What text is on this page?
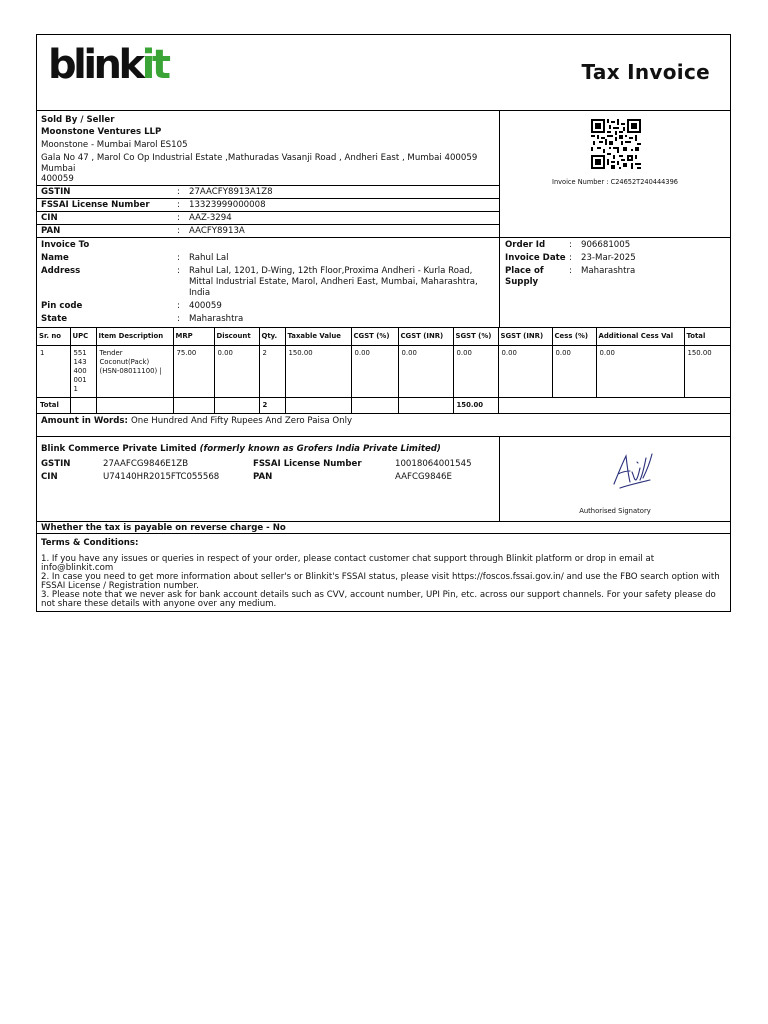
blinkit	Tax Invoice
Sold By / Seller
Moonstone Ventures LLP
Moonstone - Mumbai Marol ES105
Gala No 47 , Marol Co Op Industrial Estate ,Mathuradas Vasanji Road , Andheri East , Mumbai 400059
Mumbai
400059
GSTIN	:	27AACFY8913A1Z8
FSSAI License Number	:	13323999000008
CIN	:	AAZ-3294
PAN	:	AACFY8913A
Invoice Number : C24652T240444396
Invoice To
Name	:	Rahul Lal
Address	:	Rahul Lal, 1201, D-Wing, 12th Floor,Proxima Andheri - Kurla Road, Mittal Industrial Estate, Marol, Andheri East, Mumbai, Maharashtra, India
Pin code	:	400059
State	:	Maharashtra
Order Id	:	906681005
Invoice Date :	23-Mar-2025
Place of Supply
:	Maharashtra
Sr. no	UPC	Item Description	MRP	Discount	Qty.	Taxable Value	CGST (%)	CGST (INR)	SGST (%)	SGST (INR)	Cess (%)	Additional Cess Val	Total
1	551 143 400 001 1	Tender Coconut(Pack) (HSN-08011100) |	75.00	0.00	2	150.00	0.00	0.00	0.00	0.00	0.00	0.00	150.00
Total					2				150.00				
Amount in Words: One Hundred And Fifty Rupees And Zero Paisa Only
Blink Commerce Private Limited (formerly known as Grofers India Private Limited)
GSTIN	27AAFCG9846E1ZB	FSSAI License Number	10018064001545
CIN	U74140HR2015FTC055568	PAN	AAFCG9846E
Authorised Signatory
Whether the tax is payable on reverse charge - No
Terms & Conditions:

1. If you have any issues or queries in respect of your order, please contact customer chat support through Blinkit platform or drop in email at info@blinkit.com

2. In case you need to get more information about seller's or Blinkit's FSSAI status, please visit https://foscos.fssai.gov.in/ and use the FBO search option with FSSAI License / Registration number.

3. Please note that we never ask for bank account details such as CVV, account number, UPI Pin, etc. across our support channels. For your safety please do not share these details with anyone over any medium.
